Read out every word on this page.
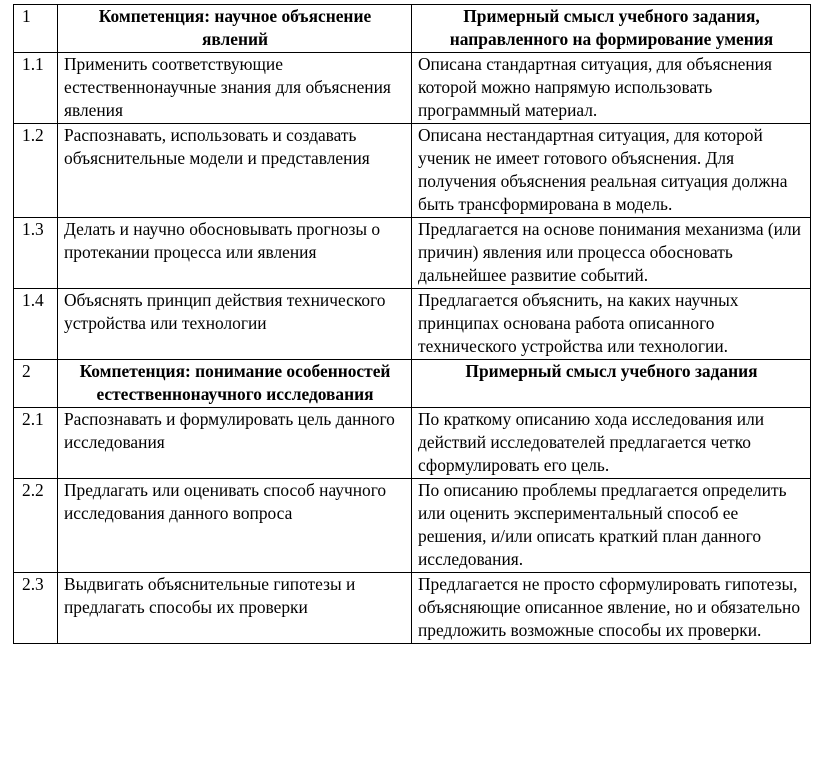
1	Компетенция: научное объяснение явлений	Примерный смысл учебного задания, направленного на формирование умения
1.1	Применить соответствующие естественнонаучные знания для объяснения явления	Описана стандартная ситуация, для объяснения которой можно напрямую использовать программный материал.
1.2	Распознавать, использовать и создавать объяснительные модели и представления	Описана нестандартная ситуация, для которой ученик не имеет готового объяснения. Для получения объяснения реальная ситуация должна быть трансформирована в модель.
1.3	Делать и научно обосновывать прогнозы о протекании процесса или явления	Предлагается на основе понимания механизма (или причин) явления или процесса обосновать дальнейшее развитие событий.
1.4	Объяснять принцип действия технического устройства или технологии	Предлагается объяснить, на каких научных принципах основана работа описанного технического устройства или технологии.
2	Компетенция: понимание особенностей естественнонаучного исследования	Примерный смысл учебного задания
2.1	Распознавать и формулировать цель данного исследования	По краткому описанию хода исследования или действий исследователей предлагается четко сформулировать его цель.
2.2	Предлагать или оценивать способ научного исследования данного вопроса	По описанию проблемы предлагается определить или оценить экспериментальный способ ее решения, и/или описать краткий план данного исследования.
2.3	Выдвигать объяснительные гипотезы и предлагать способы их проверки	Предлагается не просто сформулировать гипотезы, объясняющие описанное явление, но и обязательно предложить возможные способы их проверки.
